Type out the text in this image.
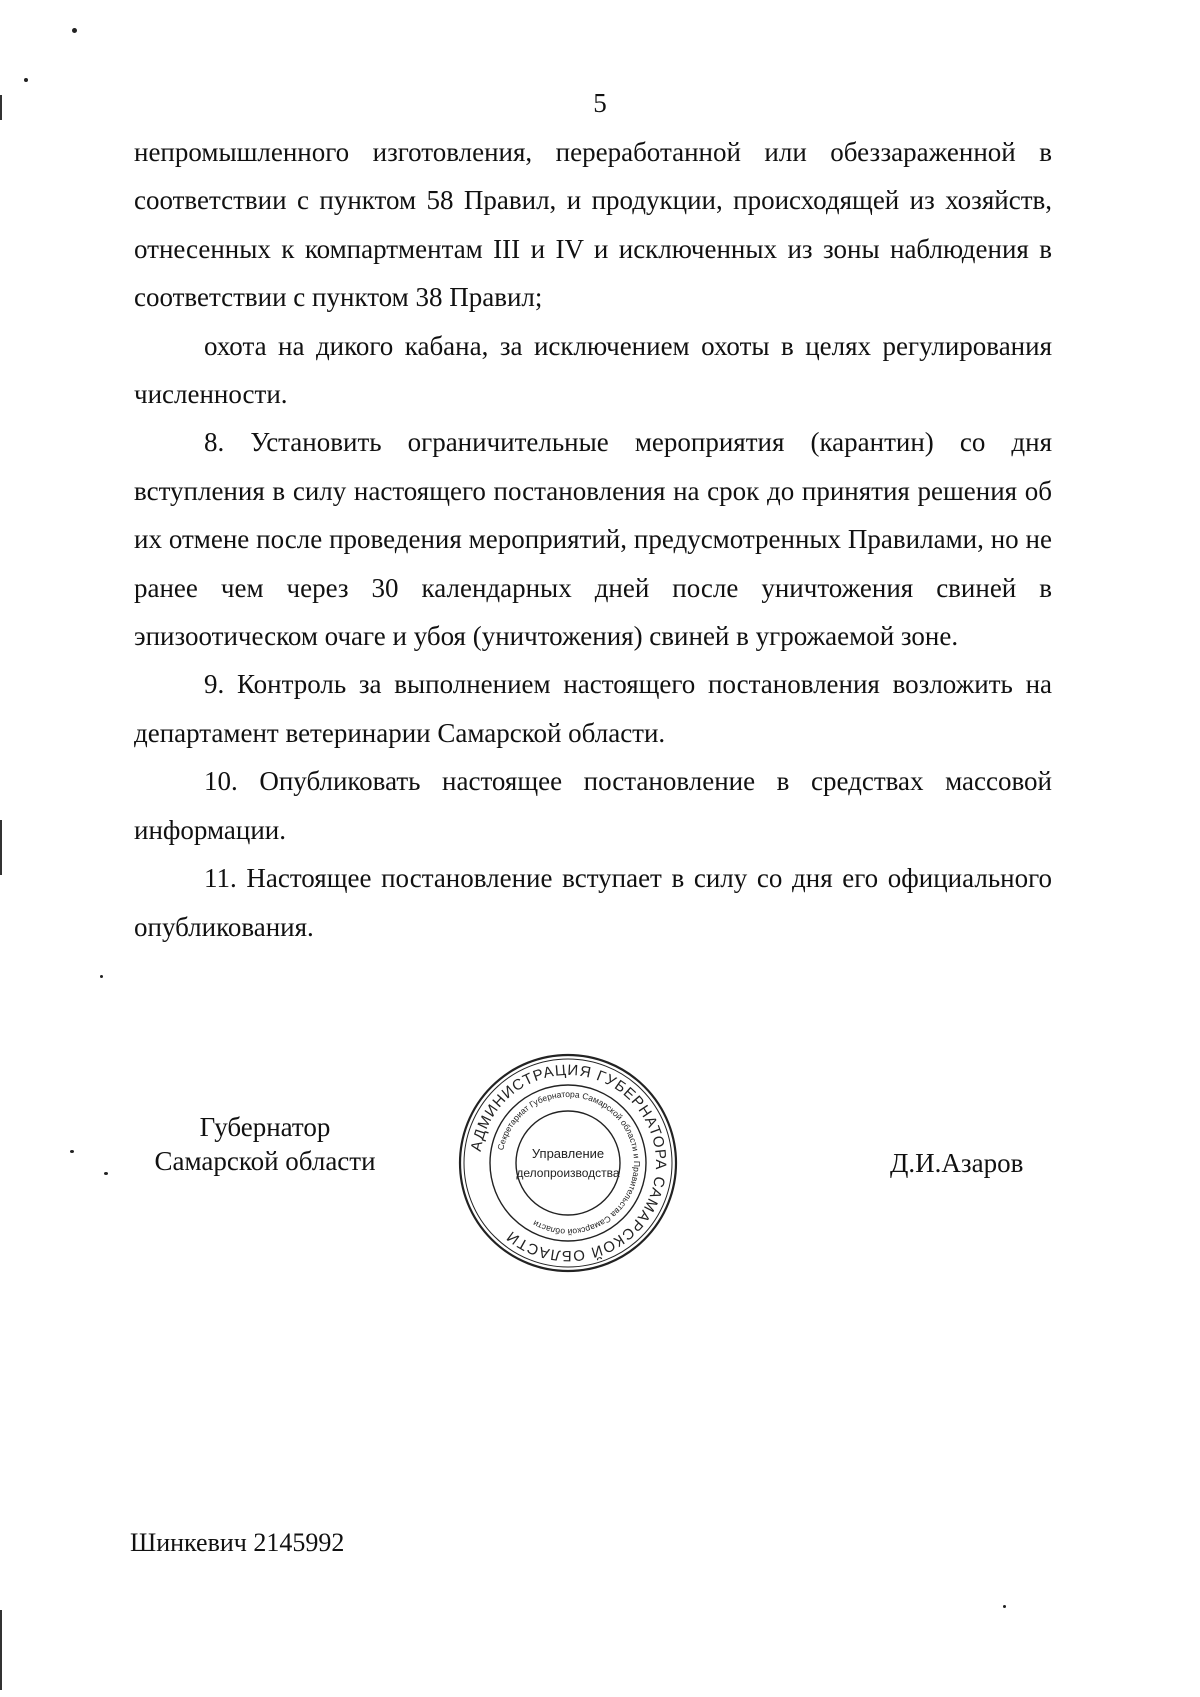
5

непромышленного изготовления, переработанной или обеззараженной в соответствии с пунктом 58 Правил, и продукции, происходящей из хозяйств, отнесенных к компартментам III и IV и исключенных из зоны наблюдения в соответствии с пунктом 38 Правил;

охота на дикого кабана, за исключением охоты в целях регулирования численности.

8. Установить ограничительные мероприятия (карантин) со дня вступления в силу настоящего постановления на срок до принятия решения об их отмене после проведения мероприятий, предусмотренных Правилами, но не ранее чем через 30 календарных дней после уничтожения свиней в эпизоотическом очаге и убоя (уничтожения) свиней в угрожаемой зоне.

9. Контроль за выполнением настоящего постановления возложить на департамент ветеринарии Самарской области.

10. Опубликовать настоящее постановление в средствах массовой информации.

11. Настоящее постановление вступает в силу со дня его официального опубликования.

Губернатор
Самарской области
АДМИНИСТРАЦИЯ ГУБЕРНАТОРА САМАРСКОЙ ОБЛАСТИ
Секретариат Губернатора Самарской области и Правительства Самарской области
Управление
делопроизводства	Д.И.Азаров
Шинкевич 2145992
